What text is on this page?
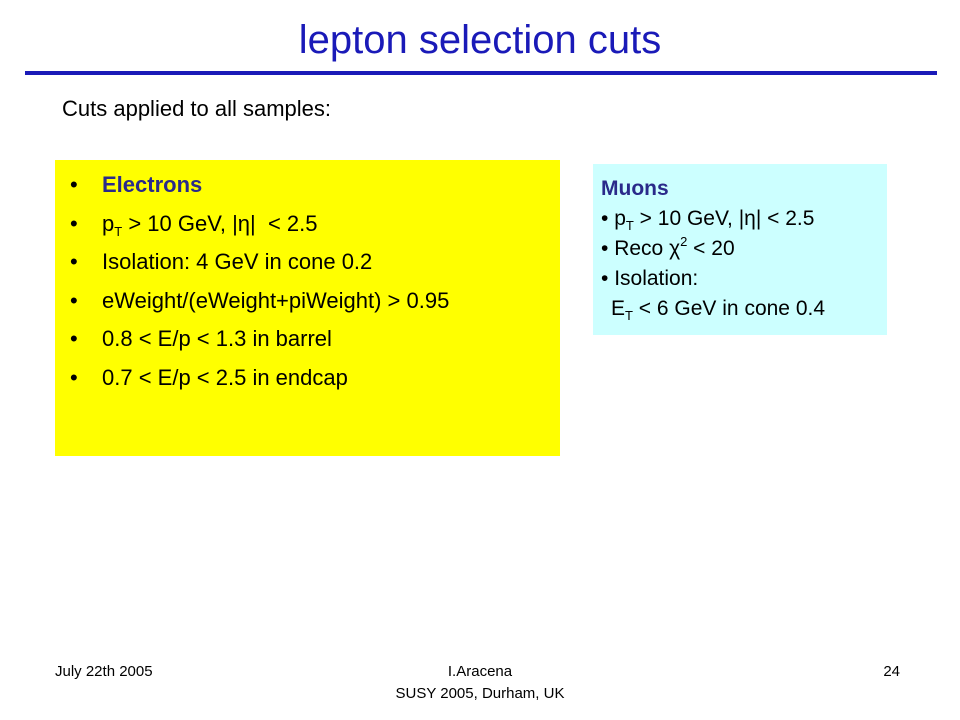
lepton selection cuts
Cuts applied to all samples:
• Electrons
• $p_T > 10$ GeV, |η|  < 2.5
• Isolation: 4 GeV in cone 0.2
• eWeight/(eWeight+piWeight) > 0.95
• 0.8 < E/p < 1.3 in barrel
• 0.7 < E/p < 2.5 in endcap
Muons
• $p_T > 10$ GeV, |η| < 2.5
• Reco $\chi^2 < 20$
• Isolation:
$E_T < 6$ GeV in cone 0.4
July 22th 2005	I.Aracena
SUSY 2005, Durham, UK
24
